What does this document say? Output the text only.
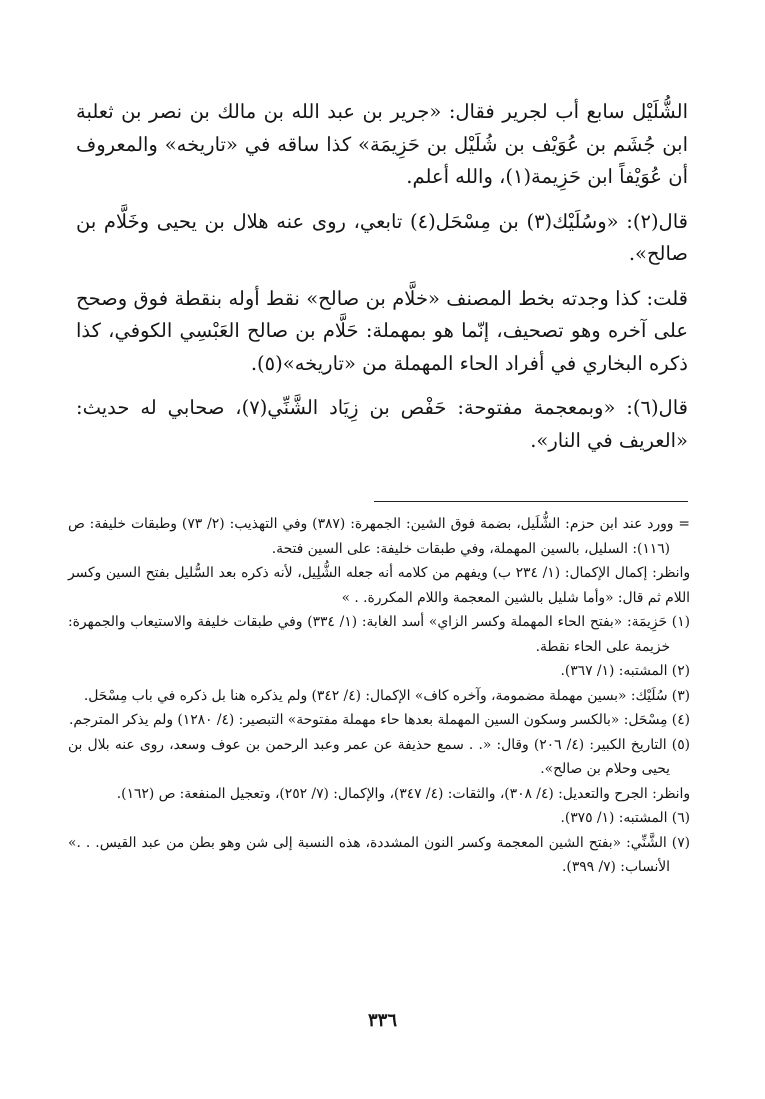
الشُّلَيْل سابع أب لجرير فقال: «جرير بن عبد الله بن مالك بن نصر بن ثعلبة ابن جُشَم بن عُوَيْف بن شُلَيْل بن حَزِيمَة» كذا ساقه في «تاريخه» والمعروف أن عُوَيْفاً ابن حَزِيمة(١)، والله أعلم.

قال(٢): «وسُلَيْك(٣) بن مِسْحَل(٤) تابعي، روى عنه هلال بن يحيى وخَلَّام بن صالح».

قلت: كذا وجدته بخط المصنف «خلَّام بن صالح» نقط أوله بنقطة فوق وصحح على آخره وهو تصحيف، إنّما هو بمهملة: حَلَّام بن صالح العَبْسِي الكوفي، كذا ذكره البخاري في أفراد الحاء المهملة من «تاريخه»(٥).

قال(٦): «وبمعجمة مفتوحة: حَفْص بن زِيَاد الشَّنِّي(٧)، صحابي له حديث: «العريف في النار».

= وورد عند ابن حزم: الشُّلَيل، بضمة فوق الشين: الجمهرة: (٣٨٧) وفي التهذيب: (٢/ ٧٣) وطبقات خليفة: ص (١١٦): السليل، بالسين المهملة، وفي طبقات خليفة: على السين فتحة.

وانظر: إكمال الإكمال: (١/ ٢٣٤ ب) ويفهم من كلامه أنه جعله الشُّلِيل، لأنه ذكره بعد السُّليل بفتح السين وكسر اللام ثم قال: «وأما شليل بالشين المعجمة واللام المكررة. . »

(١) حَزِيمَة: «بفتح الحاء المهملة وكسر الزاي» أسد الغابة: (١/ ٣٣٤) وفي طبقات خليفة والاستيعاب والجمهرة: خزيمة على الحاء نقطة.

(٢) المشتبه: (١/ ٣٦٧).

(٣) سُلَيْك: «بسين مهملة مضمومة، وآخره كاف» الإكمال: (٤/ ٣٤٢) ولم يذكره هنا بل ذكره في باب مِسْحَل.

(٤) مِسْحَل: «بالكسر وسكون السين المهملة بعدها حاء مهملة مفتوحة» التبصير: (٤/ ١٢٨٠) ولم يذكر المترجم.

(٥) التاريخ الكبير: (٤/ ٢٠٦) وقال: «. . سمع حذيفة عن عمر وعبد الرحمن بن عوف وسعد، روى عنه بلال بن يحيى وحلام بن صالح».

وانظر: الجرح والتعديل: (٤/ ٣٠٨)، والثقات: (٤/ ٣٤٧)، والإكمال: (٧/ ٢٥٢)، وتعجيل المنفعة: ص (١٦٢).

(٦) المشتبه: (١/ ٣٧٥).

(٧) الشَّنِّي: «بفتح الشين المعجمة وكسر النون المشددة، هذه النسبة إلى شن وهو بطن من عبد القيس. . .» الأنساب: (٧/ ٣٩٩).

٣٣٦
